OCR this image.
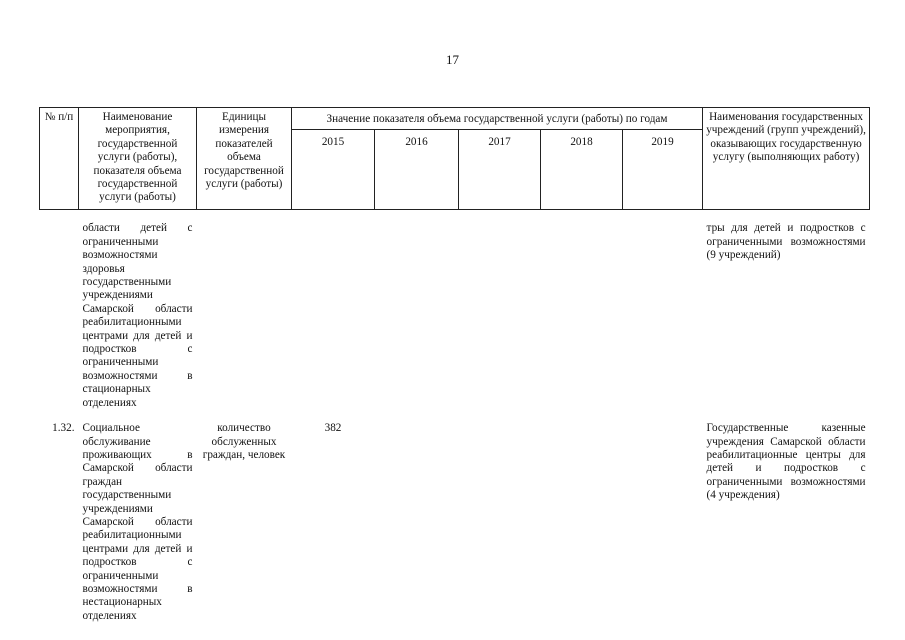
17
№ п/п	Наименование мероприятия, государственной услуги (работы), показателя объема государственной услуги (работы)	Единицы измерения показателей объема государственной услуги (работы)	Значение показателя объема государственной услуги (работы) по годам					Наименования государственных учреждений (групп учреждений), оказывающих государственную услугу (выполняющих работу)
			2015	2016	2017	2018	2019	

	области детей с ограниченными возможностями здоровья государственными учреждениями Самарской области реабилитационными центрами для детей и подростков с ограниченными возможностями в стационарных отделениях							тры для детей и подростков с ограниченными возможностями (9 учреждений)

1.32.	Социальное обслуживание проживающих в Самарской области граждан государственными учреждениями Самарской области реабилитационными центрами для детей и подростков с ограниченными возможностями в нестационарных отделениях	количество обслуженных граждан, человек	382					Государственные казенные учреждения Самарской области реабилитационные центры для детей и подростков с ограниченными возможностями (4 учреждения)
